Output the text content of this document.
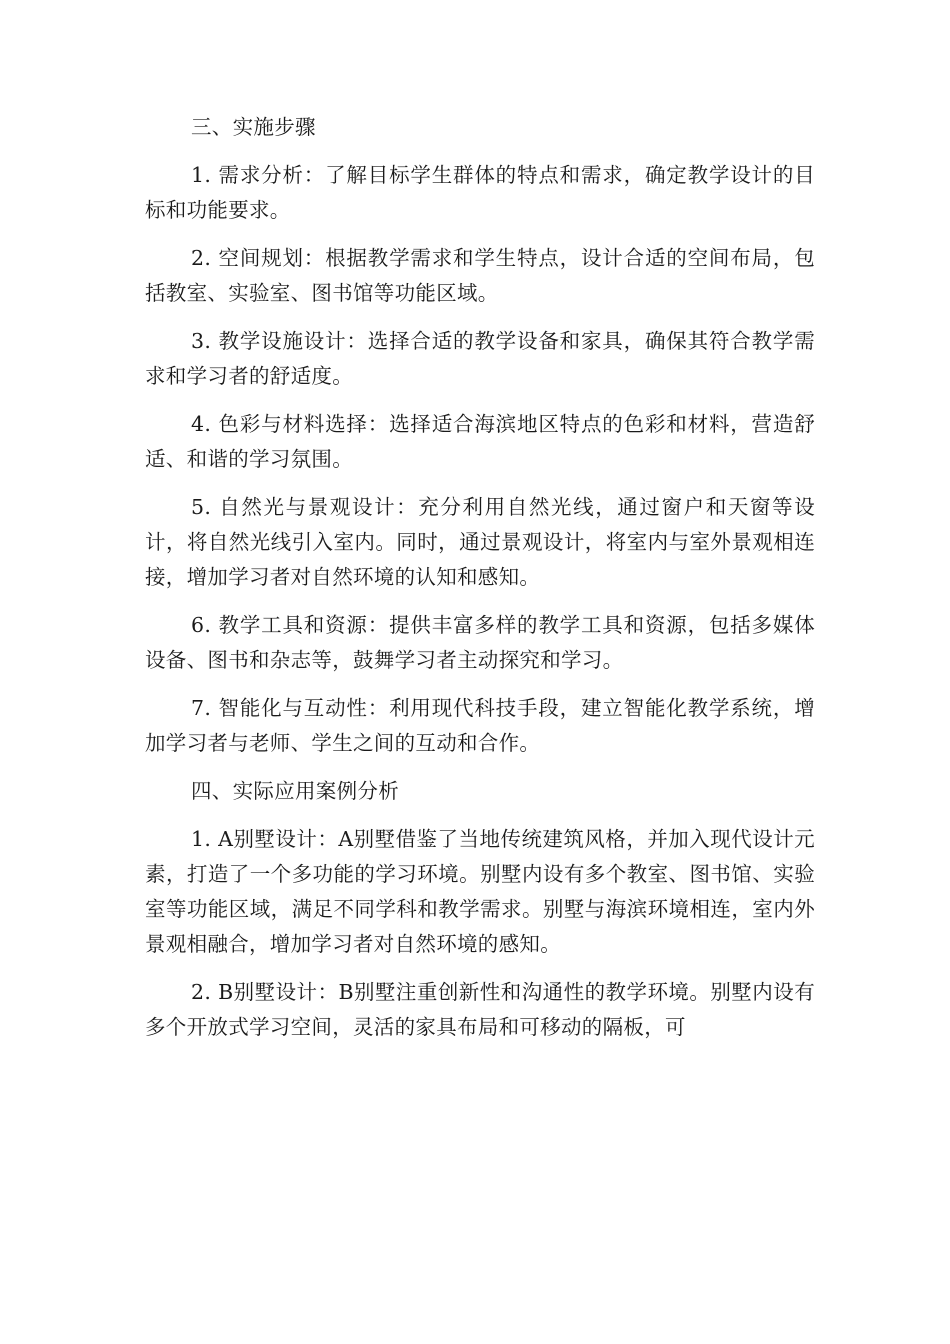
三、实施步骤

1. 需求分析：了解目标学生群体的特点和需求，确定教学设计的目标和功能要求。

2. 空间规划：根据教学需求和学生特点，设计合适的空间布局，包括教室、实验室、图书馆等功能区域。

3. 教学设施设计：选择合适的教学设备和家具，确保其符合教学需求和学习者的舒适度。

4. 色彩与材料选择：选择适合海滨地区特点的色彩和材料，营造舒适、和谐的学习氛围。

5. 自然光与景观设计：充分利用自然光线，通过窗户和天窗等设计，将自然光线引入室内。同时，通过景观设计，将室内与室外景观相连接，增加学习者对自然环境的认知和感知。

6. 教学工具和资源：提供丰富多样的教学工具和资源，包括多媒体设备、图书和杂志等，鼓舞学习者主动探究和学习。

7. 智能化与互动性：利用现代科技手段，建立智能化教学系统，增加学习者与老师、学生之间的互动和合作。

四、实际应用案例分析

1. A别墅设计：A别墅借鉴了当地传统建筑风格，并加入现代设计元素，打造了一个多功能的学习环境。别墅内设有多个教室、图书馆、实验室等功能区域，满足不同学科和教学需求。别墅与海滨环境相连，室内外景观相融合，增加学习者对自然环境的感知。

2. B别墅设计：B别墅注重创新性和沟通性的教学环境。别墅内设有多个开放式学习空间，灵活的家具布局和可移动的隔板，可
